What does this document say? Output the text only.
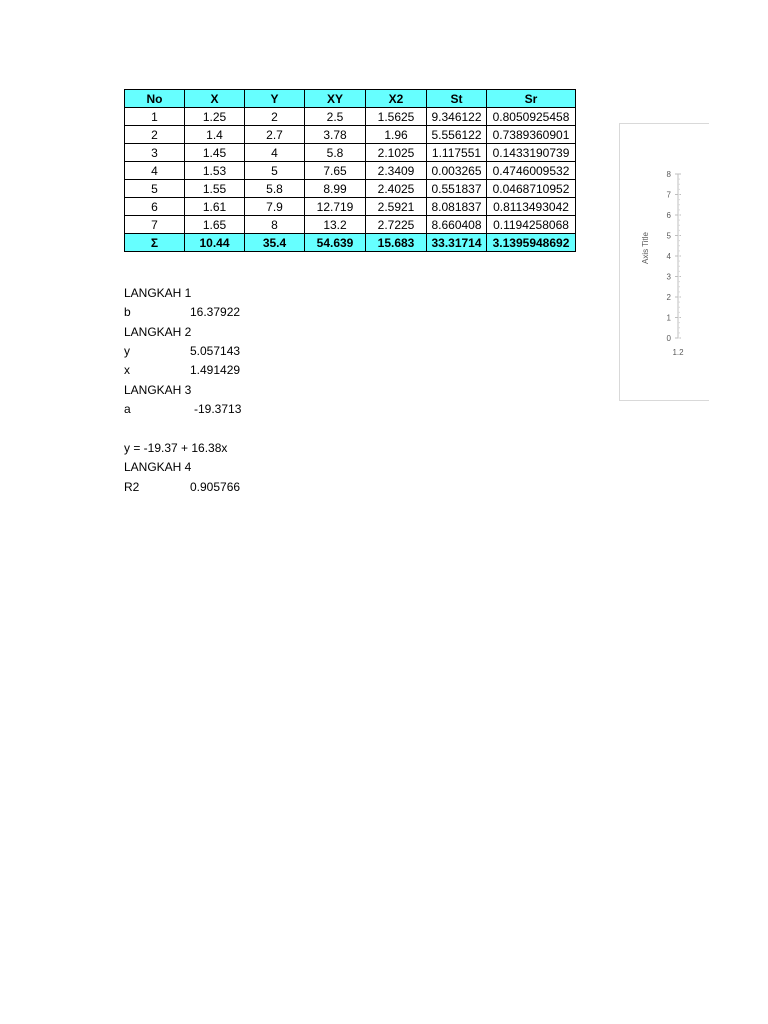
No	X	Y	XY	X2	St	Sr
1	1.25	2	2.5	1.5625	9.346122	0.8050925458
2	1.4	2.7	3.78	1.96	5.556122	0.7389360901
3	1.45	4	5.8	2.1025	1.117551	0.1433190739
4	1.53	5	7.65	2.3409	0.003265	0.4746009532
5	1.55	5.8	8.99	2.4025	0.551837	0.0468710952
6	1.61	7.9	12.719	2.5921	8.081837	0.8113493042
7	1.65	8	13.2	2.7225	8.660408	0.1194258068
Σ	10.44	35.4	54.639	15.683	33.31714	3.1395948692
LANGKAH 1
b	16.37922
LANGKAH 2
y	5.057143
x	1.491429
LANGKAH 3
a	-19.3713
y = -19.37 + 16.38x
LANGKAH 4
R2	0.905766
0
1
2
3
4
5
6
7
8
Axis Title
1.2
